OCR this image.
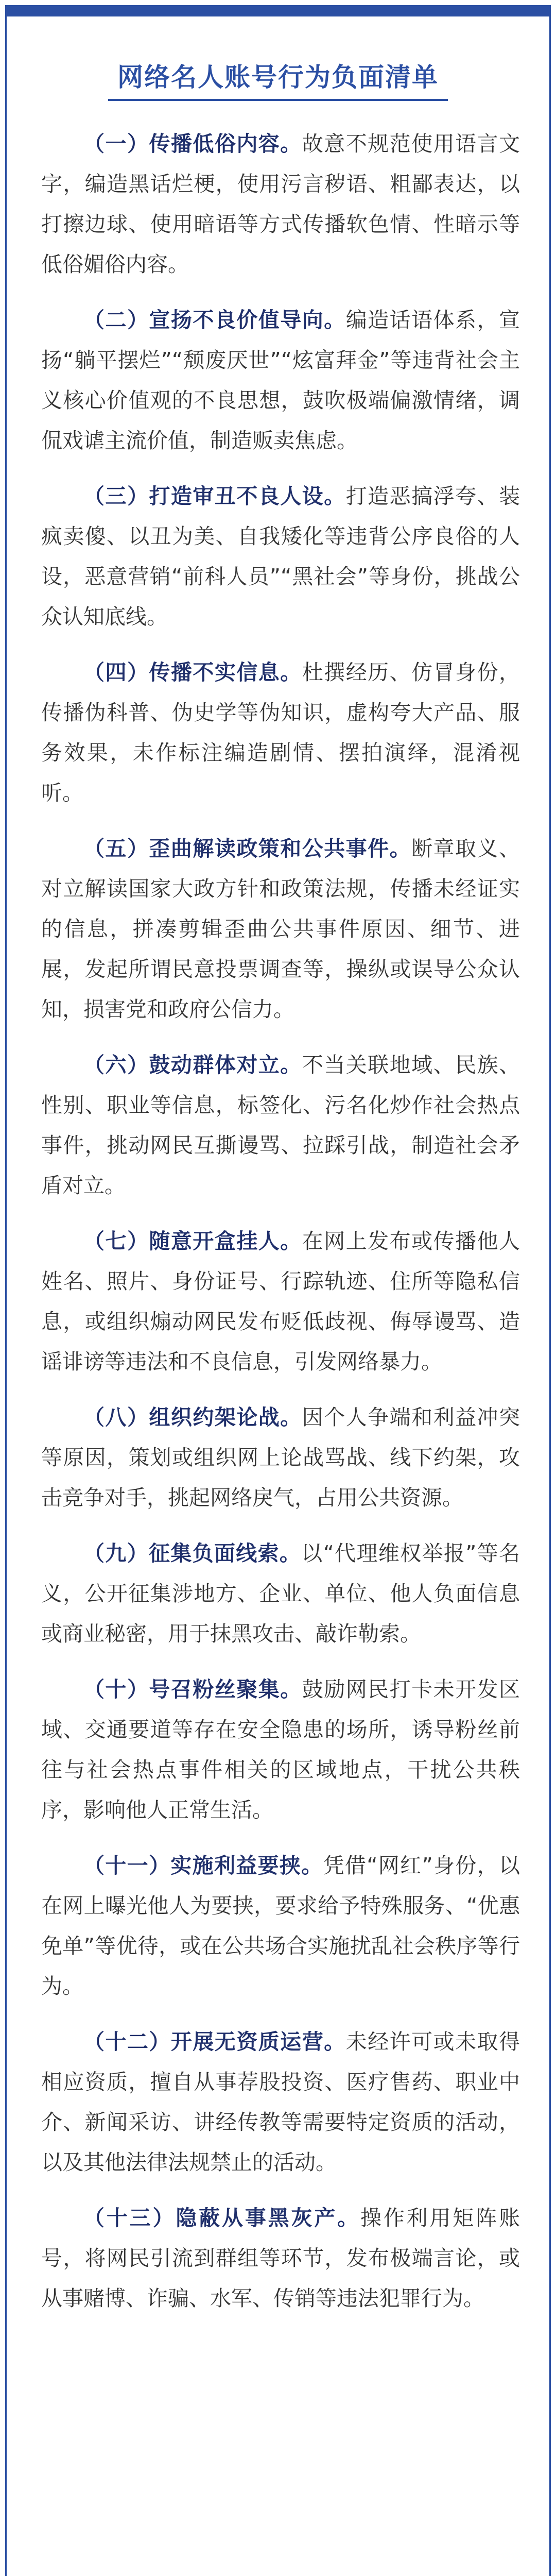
网络名人账号行为负面清单

（一）传播低俗内容。故意不规范使用语言文字，编造黑话烂梗，使用污言秽语、粗鄙表达，以打擦边球、使用暗语等方式传播软色情、性暗示等低俗媚俗内容。

（二）宣扬不良价值导向。编造话语体系，宣扬“躺平摆烂”“颓废厌世”“炫富拜金”等违背社会主义核心价值观的不良思想，鼓吹极端偏激情绪，调侃戏谑主流价值，制造贩卖焦虑。

（三）打造审丑不良人设。打造恶搞浮夸、装疯卖傻、以丑为美、自我矮化等违背公序良俗的人设，恶意营销“前科人员”“黑社会”等身份，挑战公众认知底线。

（四）传播不实信息。杜撰经历、仿冒身份，传播伪科普、伪史学等伪知识，虚构夸大产品、服务效果，未作标注编造剧情、摆拍演绎，混淆视听。

（五）歪曲解读政策和公共事件。断章取义、对立解读国家大政方针和政策法规，传播未经证实的信息，拼凑剪辑歪曲公共事件原因、细节、进展，发起所谓民意投票调查等，操纵或误导公众认知，损害党和政府公信力。

（六）鼓动群体对立。不当关联地域、民族、性别、职业等信息，标签化、污名化炒作社会热点事件，挑动网民互撕谩骂、拉踩引战，制造社会矛盾对立。

（七）随意开盒挂人。在网上发布或传播他人姓名、照片、身份证号、行踪轨迹、住所等隐私信息，或组织煽动网民发布贬低歧视、侮辱谩骂、造谣诽谤等违法和不良信息，引发网络暴力。

（八）组织约架论战。因个人争端和利益冲突等原因，策划或组织网上论战骂战、线下约架，攻击竞争对手，挑起网络戾气，占用公共资源。

（九）征集负面线索。以“代理维权举报”等名义，公开征集涉地方、企业、单位、他人负面信息或商业秘密，用于抹黑攻击、敲诈勒索。

（十）号召粉丝聚集。鼓励网民打卡未开发区域、交通要道等存在安全隐患的场所，诱导粉丝前往与社会热点事件相关的区域地点，干扰公共秩序，影响他人正常生活。

（十一）实施利益要挟。凭借“网红”身份，以在网上曝光他人为要挟，要求给予特殊服务、“优惠免单”等优待，或在公共场合实施扰乱社会秩序等行为。

（十二）开展无资质运营。未经许可或未取得相应资质，擅自从事荐股投资、医疗售药、职业中介、新闻采访、讲经传教等需要特定资质的活动，以及其他法律法规禁止的活动。

（十三）隐蔽从事黑灰产。操作利用矩阵账号，将网民引流到群组等环节，发布极端言论，或从事赌博、诈骗、水军、传销等违法犯罪行为。
